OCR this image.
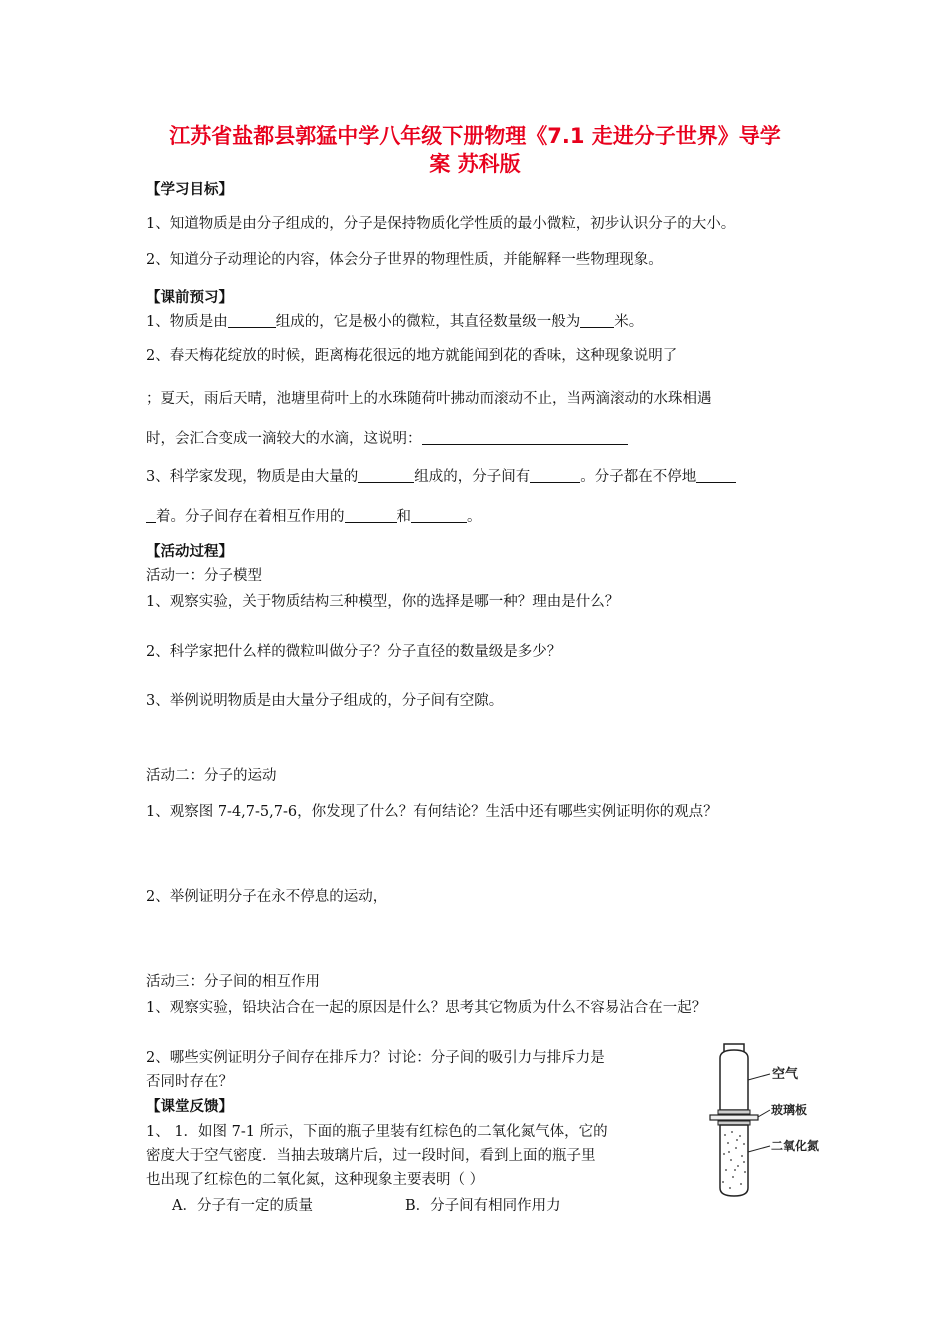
江苏省盐都县郭猛中学八年级下册物理《7.1 走进分子世界》导学
案 苏科版
【学习目标】
1、知道物质是由分子组成的，分子是保持物质化学性质的最小微粒，初步认识分子的大小。
2、知道分子动理论的内容，体会分子世界的物理性质，并能解释一些物理现象。
【课前预习】
1、物质是由	组成的，它是极小的微粒，其直径数量级一般为 米。
2、春天梅花绽放的时候，距离梅花很远的地方就能闻到花的香味，这种现象说明了
；夏天，雨后天晴，池塘里荷叶上的水珠随荷叶拂动而滚动不止，当两滴滚动的水珠相遇
时，会汇合变成一滴较大的水滴，这说明：
3、科学家发现，物质是由大量的	组成的，分子间有	。分子都在不停地
着。分子间存在着相互作用的	和	。
【活动过程】
活动一：分子模型
1、观察实验，关于物质结构三种模型，你的选择是哪一种？理由是什么？
2、科学家把什么样的微粒叫做分子？分子直径的数量级是多少？
3、举例说明物质是由大量分子组成的，分子间有空隙。
活动二：分子的运动
1、观察图 7-4,7-5,7-6，你发现了什么？有何结论？生活中还有哪些实例证明你的观点？
2、举例证明分子在永不停息的运动，
活动三：分子间的相互作用
1、观察实验，铅块沾合在一起的原因是什么？思考其它物质为什么不容易沾合在一起？
2、哪些实例证明分子间存在排斥力？讨论：分子间的吸引力与排斥力是
否同时存在？
【课堂反馈】
1、 1．如图 7-1 所示，下面的瓶子里装有红棕色的二氧化氮气体，它的
密度大于空气密度．当抽去玻璃片后，过一段时间，看到上面的瓶子里
也出现了红棕色的二氧化氮，这种现象主要表明（ ）
A．分子有一定的质量	B．分子间有相同作用力
空气
玻璃板
二氧化氮
